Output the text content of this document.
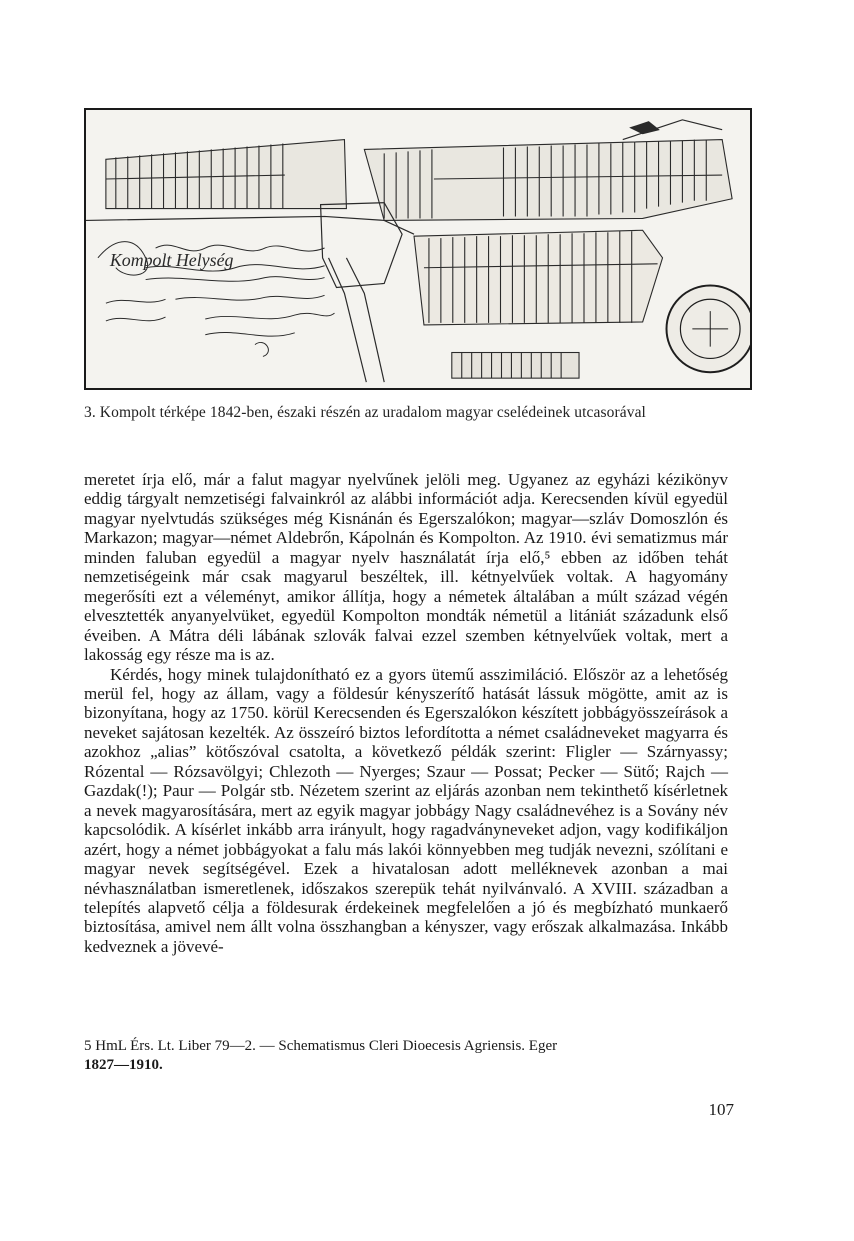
Kompolt Helység
3. Kompolt térképe 1842-ben, északi részén az uradalom magyar cselédeinek utcasorával

meretet írja elő, már a falut magyar nyelvűnek jelöli meg. Ugyanez az egyházi kézikönyv eddig tárgyalt nemzetiségi falvainkról az alábbi információt adja. Kerecsenden kívül egyedül magyar nyelvtudás szükséges még Kisnánán és Egerszalókon; magyar—szláv Domoszlón és Markazon; magyar—német Aldebrőn, Kápolnán és Kompolton. Az 1910. évi sematizmus már minden faluban egyedül a magyar nyelv használatát írja elő,⁵ ebben az időben tehát nemzetiségeink már csak magyarul beszéltek, ill. kétnyelvűek voltak. A hagyomány megerősíti ezt a véleményt, amikor állítja, hogy a németek általában a múlt század végén elvesztették anyanyelvüket, egyedül Kompolton mondták németül a litániát századunk első éveiben. A Mátra déli lábának szlovák falvai ezzel szemben kétnyelvűek voltak, mert a lakosság egy része ma is az.

Kérdés, hogy minek tulajdonítható ez a gyors ütemű asszimiláció. Először az a lehetőség merül fel, hogy az állam, vagy a földesúr kényszerítő hatását lássuk mögötte, amit az is bizonyítana, hogy az 1750. körül Kerecsenden és Egerszalókon készített jobbágyösszeírások a neveket sajátosan kezelték. Az összeíró biztos lefordította a német családneveket magyarra és azokhoz „alias” kötőszóval csatolta, a következő példák szerint: Fligler — Szárnyassy; Rózental — Rózsavölgyi; Chlezoth — Nyerges; Szaur — Possat; Pecker — Sütő; Rajch — Gazdak(!); Paur — Polgár stb. Nézetem szerint az eljárás azonban nem tekinthető kísérletnek a nevek magyarosítására, mert az egyik magyar jobbágy Nagy családnevéhez is a Sovány név kapcsolódik. A kísérlet inkább arra irányult, hogy ragadványneveket adjon, vagy kodifikáljon azért, hogy a német jobbágyokat a falu más lakói könnyebben meg tudják nevezni, szólítani e magyar nevek segítségével. Ezek a hivatalosan adott melléknevek azonban a mai névhasználatban ismeretlenek, időszakos szerepük tehát nyilvánvaló. A XVIII. században a telepítés alapvető célja a földesurak érdekeinek megfelelően a jó és megbízható munkaerő biztosítása, amivel nem állt volna összhangban a kényszer, vagy erőszak alkalmazása. Inkább kedveznek a jövevé-

5 HmL Érs. Lt. Liber 79—2. — Schematismus Cleri Dioecesis Agriensis. Eger
1827—1910.
107
